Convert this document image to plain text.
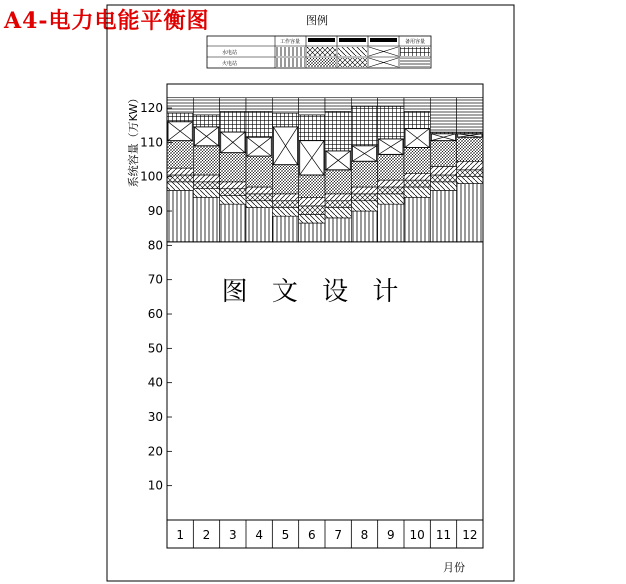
A4-电力电能平衡图	图例
工作容量	备用容量
水电站
火电站
10
20
30
40
50
60
70
80
90
100
110
120
1 2 3 4 5 6 7 8 9 10 11 12
系统容量（万KW）
月份
图 文 设 计
